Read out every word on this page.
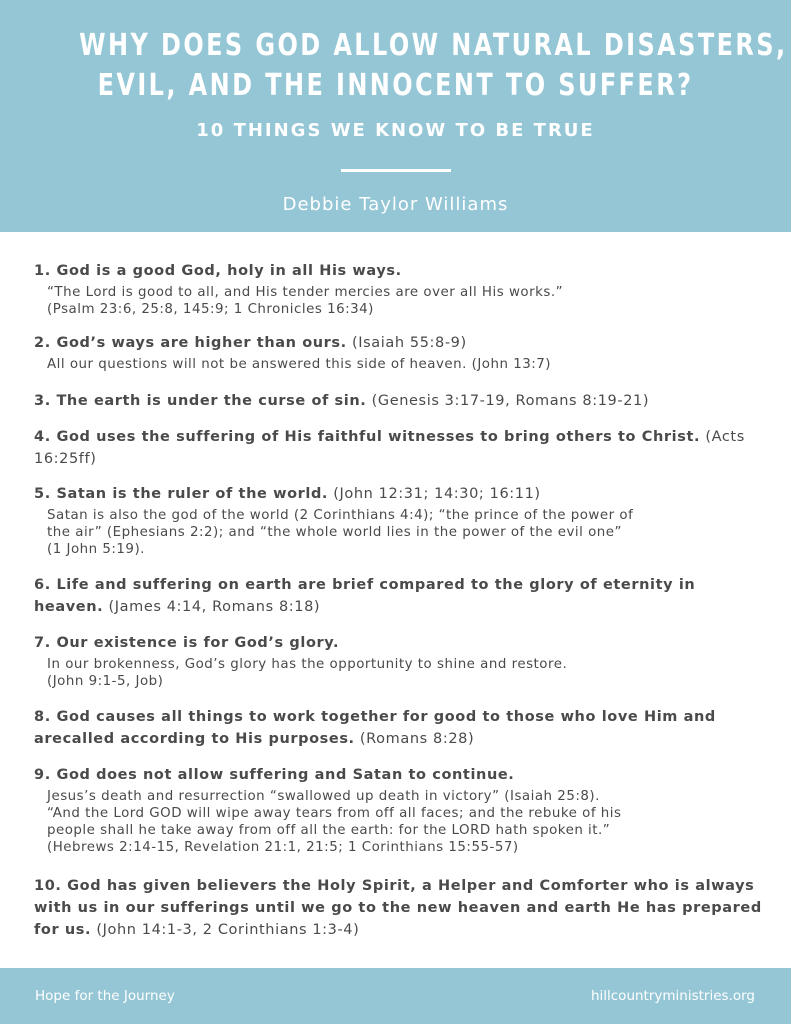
WHY DOES GOD ALLOW NATURAL DISASTERS,
EVIL, AND THE INNOCENT TO SUFFER?
10 THINGS WE KNOW TO BE TRUE
Debbie Taylor Williams
1. God is a good God, holy in all His ways.
“The Lord is good to all, and His tender mercies are over all His works.”
(Psalm 23:6, 25:8, 145:9; 1 Chronicles 16:34)
2. God’s ways are higher than ours. (Isaiah 55:8-9)
All our questions will not be answered this side of heaven. (John 13:7)
3. The earth is under the curse of sin. (Genesis 3:17-19, Romans 8:19-21)
4. God uses the suffering of His faithful witnesses to bring others to Christ. (Acts 16:25ff)
5. Satan is the ruler of the world. (John 12:31; 14:30; 16:11)
Satan is also the god of the world (2 Corinthians 4:4); “the prince of the power of
the air” (Ephesians 2:2); and “the whole world lies in the power of the evil one”
(1 John 5:19).
6. Life and suffering on earth are brief compared to the glory of eternity in heaven. (James 4:14, Romans 8:18)
7. Our existence is for God’s glory.
In our brokenness, God’s glory has the opportunity to shine and restore.
(John 9:1-5, Job)
8. God causes all things to work together for good to those who love Him and arecalled according to His purposes. (Romans 8:28)
9. God does not allow suffering and Satan to continue.
Jesus’s death and resurrection “swallowed up death in victory” (Isaiah 25:8).
“And the Lord GOD will wipe away tears from off all faces; and the rebuke of his
people shall he take away from off all the earth: for the LORD hath spoken it.”
(Hebrews 2:14-15, Revelation 21:1, 21:5; 1 Corinthians 15:55-57)
10. God has given believers the Holy Spirit, a Helper and Comforter who is always with us in our sufferings until we go to the new heaven and earth He has prepared for us. (John 14:1-3, 2 Corinthians 1:3-4)
Hope for the Journey	hillcountryministries.org
